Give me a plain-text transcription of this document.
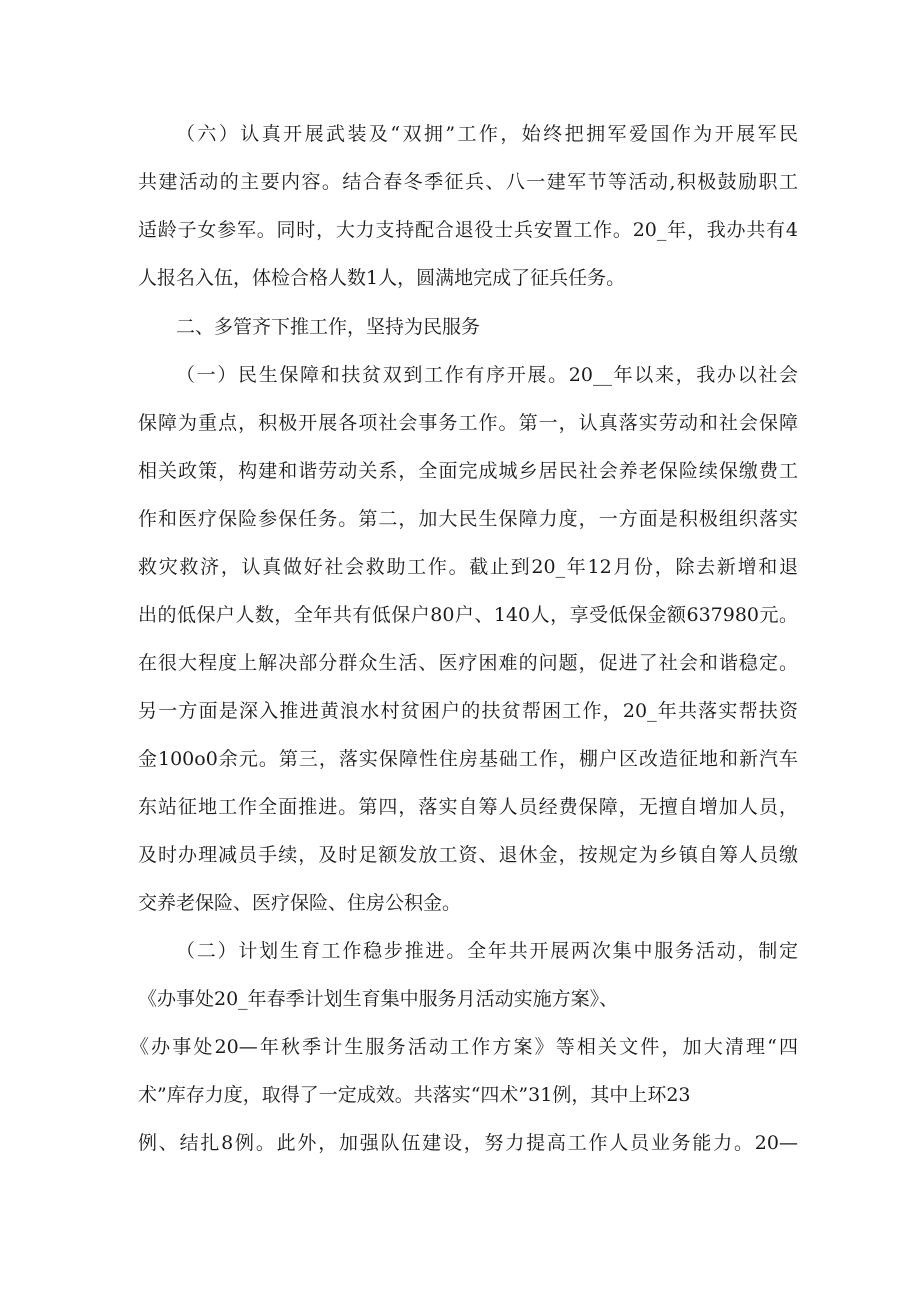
（六）认真开展武装及“双拥”工作，始终把拥军爱国作为开展军民
共建活动的主要内容。结合春冬季征兵、八一建军节等活动,积极鼓励职工
适龄子女参军。同时，大力支持配合退役士兵安置工作。20_年，我办共有4
人报名入伍，体检合格人数1人，圆满地完成了征兵任务。
二、多管齐下推工作，坚持为民服务
（一）民生保障和扶贫双到工作有序开展。20__年以来，我办以社会
保障为重点，积极开展各项社会事务工作。第一，认真落实劳动和社会保障
相关政策，构建和谐劳动关系，全面完成城乡居民社会养老保险续保缴费工
作和医疗保险参保任务。第二，加大民生保障力度，一方面是积极组织落实
救灾救济，认真做好社会救助工作。截止到20_年12月份，除去新增和退
出的低保户人数，全年共有低保户80户、140人，享受低保金额637980元。
在很大程度上解决部分群众生活、医疗困难的问题，促进了社会和谐稳定。
另一方面是深入推进黄浪水村贫困户的扶贫帮困工作，20_年共落实帮扶资
金100o0余元。第三，落实保障性住房基础工作，棚户区改造征地和新汽车
东站征地工作全面推进。第四，落实自筹人员经费保障，无擅自增加人员，
及时办理减员手续，及时足额发放工资、退休金，按规定为乡镇自筹人员缴
交养老保险、医疗保险、住房公积金。
（二）计划生育工作稳步推进。全年共开展两次集中服务活动，制定
《办事处20_年春季计划生育集中服务月活动实施方案》、
《办事处20—年秋季计生服务活动工作方案》等相关文件，加大清理“四
术”库存力度，取得了一定成效。共落实“四术”31例，其中上环23
例、结扎8例。此外，加强队伍建设，努力提高工作人员业务能力。20—
